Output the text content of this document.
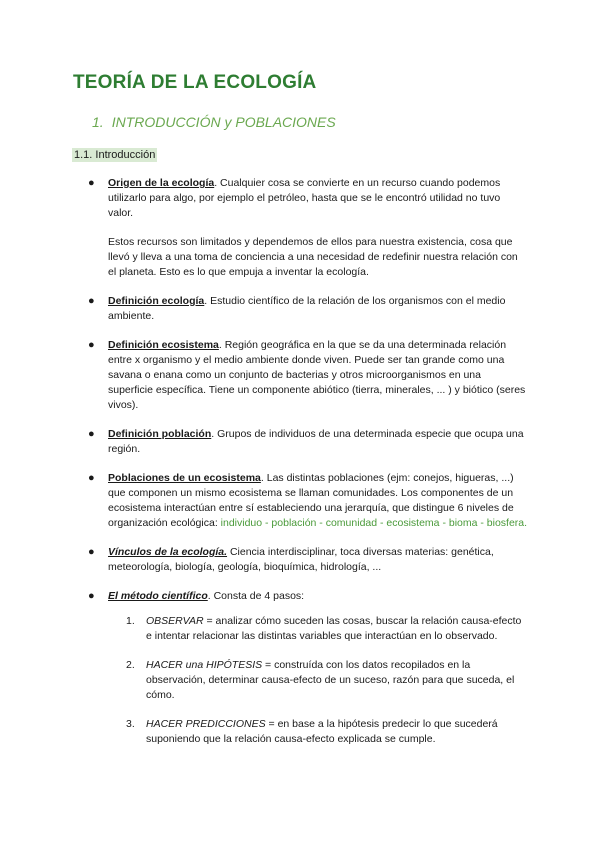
TEORÍA DE LA ECOLOGÍA
1. INTRODUCCIÓN y POBLACIONES
1.1. Introducción
● Origen de la ecología. Cualquier cosa se convierte en un recurso cuando podemos utilizarlo para algo, por ejemplo el petróleo, hasta que se le encontró utilidad no tuvo valor.
Estos recursos son limitados y dependemos de ellos para nuestra existencia, cosa que llevó y lleva a una toma de conciencia a una necesidad de redefinir nuestra relación con el planeta. Esto es lo que empuja a inventar la ecología.
● Definición ecología. Estudio científico de la relación de los organismos con el medio ambiente.
● Definición ecosistema. Región geográfica en la que se da una determinada relación entre x organismo y el medio ambiente donde viven. Puede ser tan grande como una savana o enana como un conjunto de bacterias y otros microorganismos en una superficie específica. Tiene un componente abiótico (tierra, minerales, ... ) y biótico (seres vivos).
● Definición población. Grupos de individuos de una determinada especie que ocupa una región.
● Poblaciones de un ecosistema. Las distintas poblaciones (ejm: conejos, higueras, ...) que componen un mismo ecosistema se llaman comunidades. Los componentes de un ecosistema interactúan entre sí estableciendo una jerarquía, que distingue 6 niveles de organización ecológica: individuo - población - comunidad - ecosistema - bioma - biosfera.
● Vínculos de la ecología. Ciencia interdisciplinar, toca diversas materias: genética, meteorología, biología, geología, bioquímica, hidrología, ...
● El método científico. Consta de 4 pasos:
1. OBSERVAR = analizar cómo suceden las cosas, buscar la relación causa-efecto e intentar relacionar las distintas variables que interactúan en lo observado.
2. HACER una HIPÓTESIS = construída con los datos recopilados en la observación, determinar causa-efecto de un suceso, razón para que suceda, el cómo.
3. HACER PREDICCIONES = en base a la hipótesis predecir lo que sucederá suponiendo que la relación causa-efecto explicada se cumple.
